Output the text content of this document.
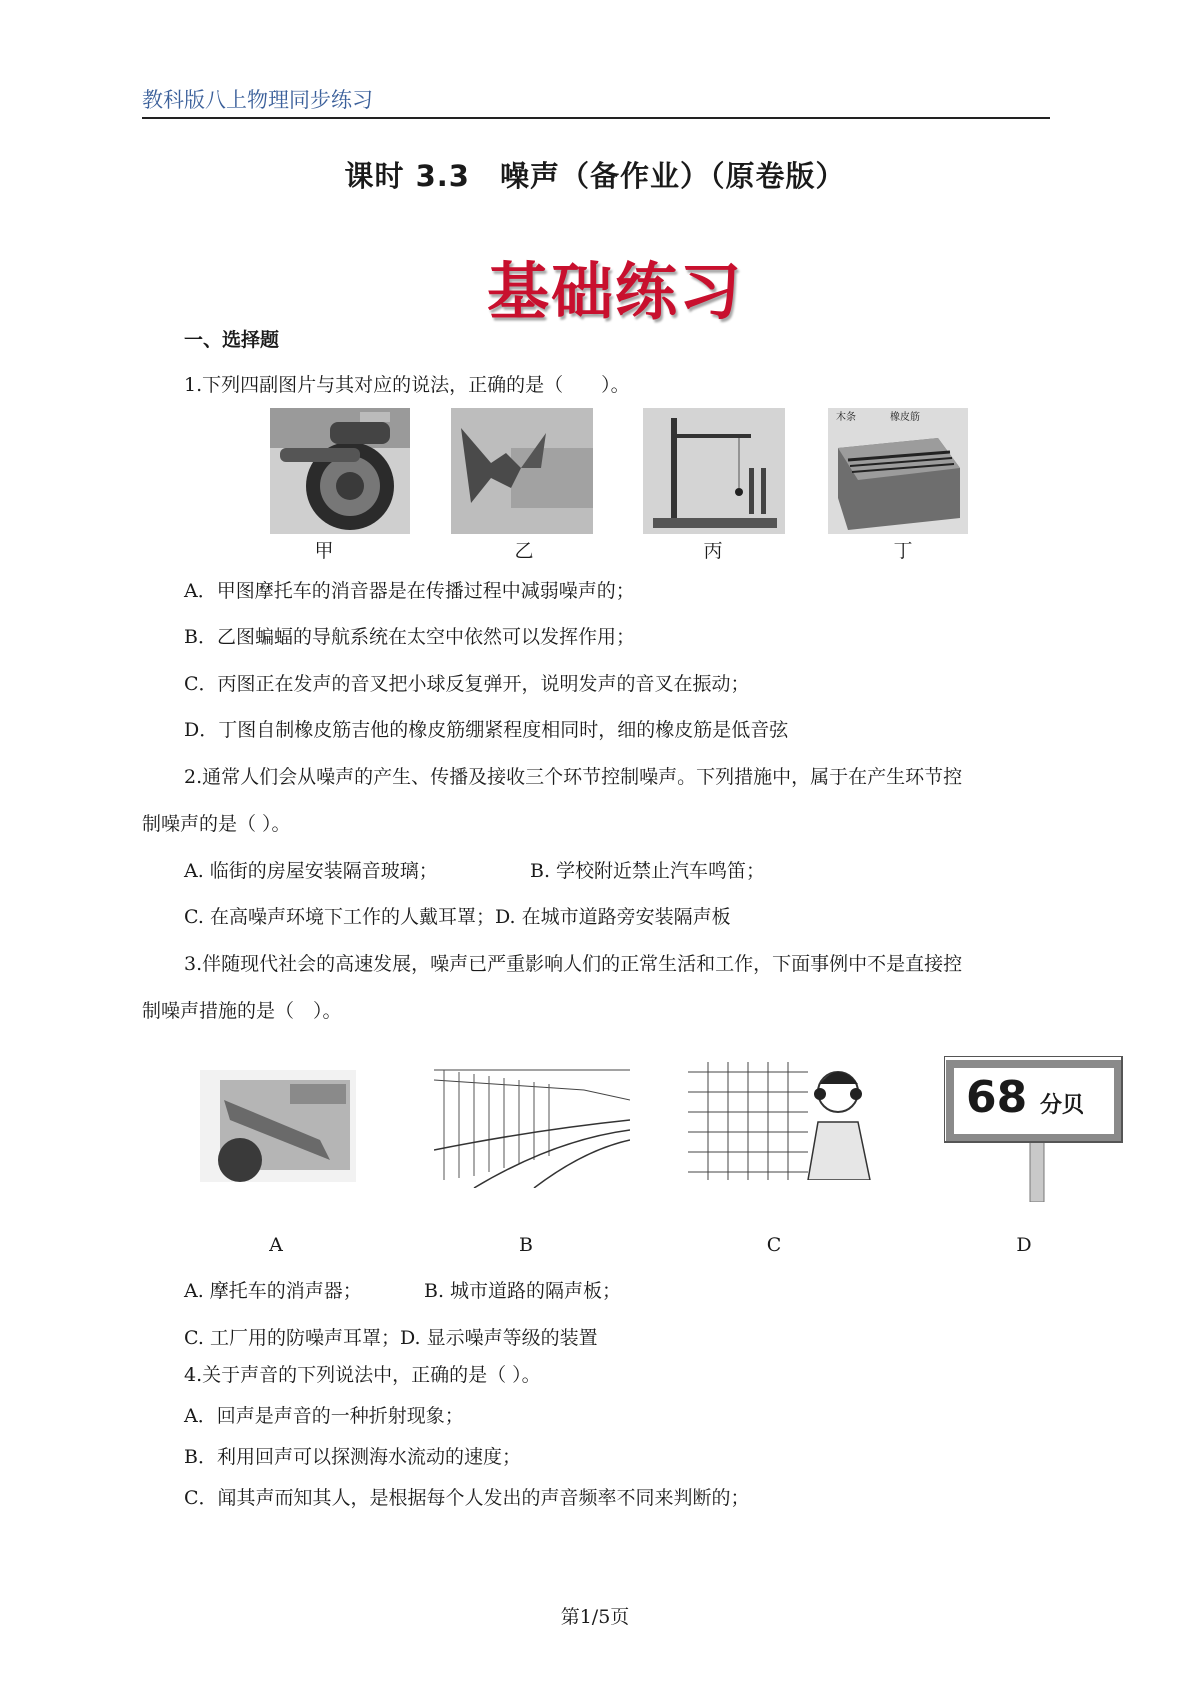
教科版八上物理同步练习
课时 3.3　噪声（备作业）（原卷版）
基础练习
一、选择题
1.下列四副图片与其对应的说法，正确的是（　　）。
木条	橡皮筋
甲	乙	丙	丁
A．甲图摩托车的消音器是在传播过程中减弱噪声的；
B．乙图蝙蝠的导航系统在太空中依然可以发挥作用；
C．丙图正在发声的音叉把小球反复弹开，说明发声的音叉在振动；
D．丁图自制橡皮筋吉他的橡皮筋绷紧程度相同时，细的橡皮筋是低音弦
2.通常人们会从噪声的产生、传播及接收三个环节控制噪声。下列措施中，属于在产生环节控
制噪声的是（ ）。
A. 临街的房屋安装隔音玻璃；	B. 学校附近禁止汽车鸣笛；
C. 在高噪声环境下工作的人戴耳罩；D. 在城市道路旁安装隔声板
3.伴随现代社会的高速发展，噪声已严重影响人们的正常生活和工作，下面事例中不是直接控
制噪声措施的是（　）。
68 分贝
A	B	C	D
A. 摩托车的消声器；	B. 城市道路的隔声板；
C. 工厂用的防噪声耳罩；D. 显示噪声等级的装置
4.关于声音的下列说法中，正确的是（ ）。
A．回声是声音的一种折射现象；
B．利用回声可以探测海水流动的速度；
C．闻其声而知其人，是根据每个人发出的声音频率不同来判断的；
第1/5页
